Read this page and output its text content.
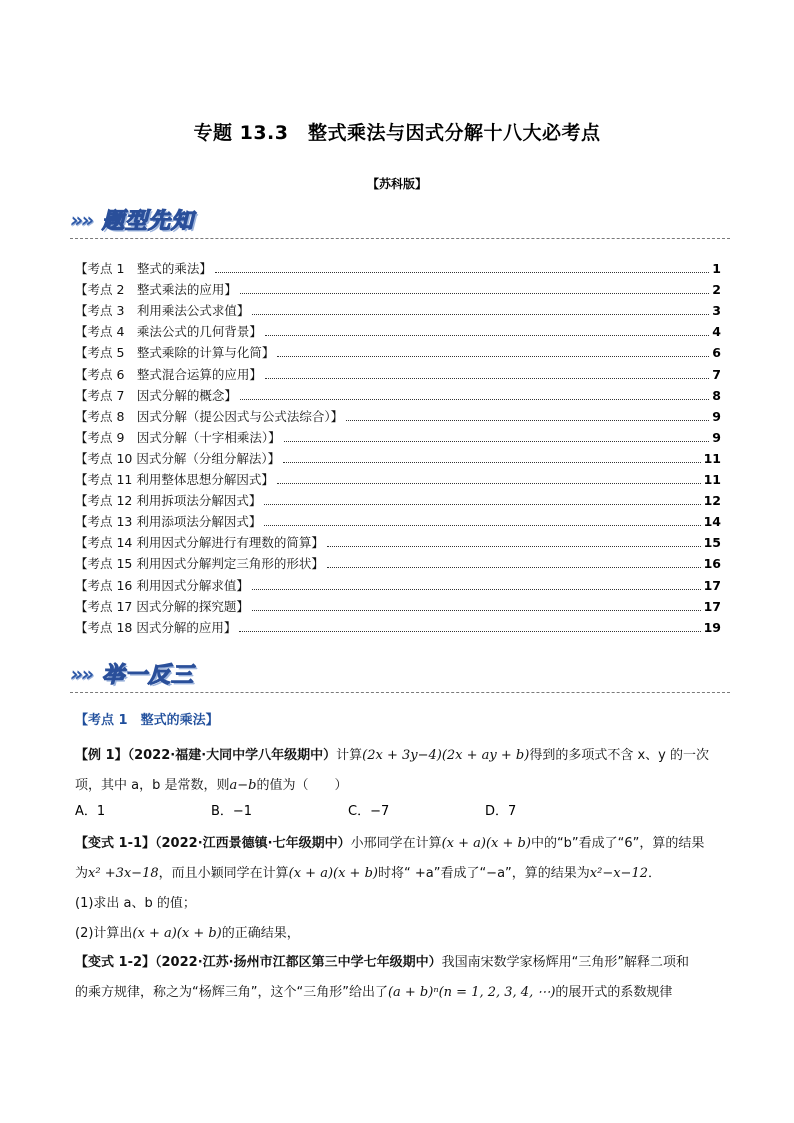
专题 13.3　整式乘法与因式分解十八大必考点
【苏科版】
»» 题型先知
【考点 1　整式的乘法】	1
【考点 2　整式乘法的应用】	2
【考点 3　利用乘法公式求值】	3
【考点 4　乘法公式的几何背景】	4
【考点 5　整式乘除的计算与化简】	6
【考点 6　整式混合运算的应用】	7
【考点 7　因式分解的概念】	8
【考点 8　因式分解（提公因式与公式法综合）】	9
【考点 9　因式分解（十字相乘法）】	9
【考点 10 因式分解（分组分解法）】	11
【考点 11 利用整体思想分解因式】	11
【考点 12 利用拆项法分解因式】	12
【考点 13 利用添项法分解因式】	14
【考点 14 利用因式分解进行有理数的简算】	15
【考点 15 利用因式分解判定三角形的形状】	16
【考点 16 利用因式分解求值】	17
【考点 17 因式分解的探究题】	17
【考点 18 因式分解的应用】	19
»» 举一反三
【考点 1　整式的乘法】
【例 1】（2022·福建·大同中学八年级期中）计算(2x + 3y−4)(2x + ay + b)得到的多项式不含 x、y 的一次
项，其中 a，b 是常数，则a−b的值为（　　）
A．1	B．−1	C．−7	D．7
【变式 1-1】（2022·江西景德镇·七年级期中）小邢同学在计算(x + a)(x + b)中的“b”看成了“6”，算的结果
为x² +3x−18，而且小颖同学在计算(x + a)(x + b)时将“ +a”看成了“−a”，算的结果为x²−x−12．
(1)求出 a、b 的值；
(2)计算出(x + a)(x + b)的正确结果，
【变式 1-2】（2022·江苏·扬州市江都区第三中学七年级期中）我国南宋数学家杨辉用“三角形”解释二项和
的乘方规律，称之为“杨辉三角”，这个“三角形”给出了(a + b)ⁿ(n = 1, 2, 3, 4, ⋯)的展开式的系数规律
